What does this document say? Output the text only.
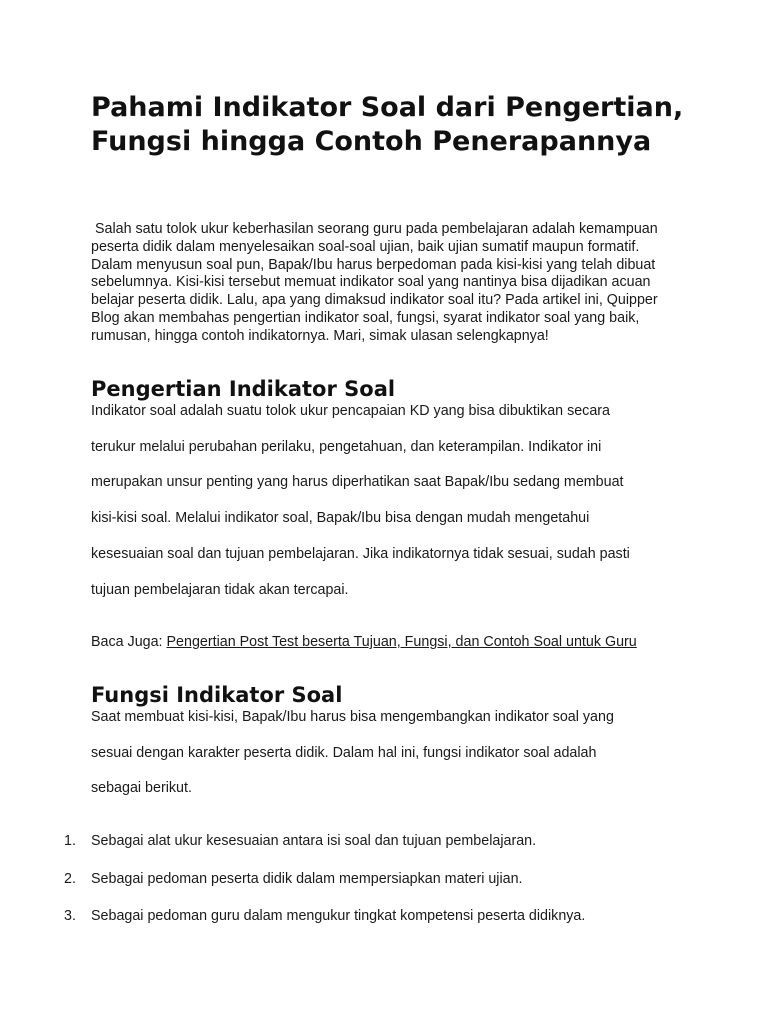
Pahami Indikator Soal dari Pengertian, Fungsi hingga Contoh Penerapannya

Salah satu tolok ukur keberhasilan seorang guru pada pembelajaran adalah kemampuan peserta didik dalam menyelesaikan soal-soal ujian, baik ujian sumatif maupun formatif. Dalam menyusun soal pun, Bapak/Ibu harus berpedoman pada kisi-kisi yang telah dibuat sebelumnya. Kisi-kisi tersebut memuat indikator soal yang nantinya bisa dijadikan acuan belajar peserta didik. Lalu, apa yang dimaksud indikator soal itu? Pada artikel ini, Quipper Blog akan membahas pengertian indikator soal, fungsi, syarat indikator soal yang baik, rumusan, hingga contoh indikatornya. Mari, simak ulasan selengkapnya!

Pengertian Indikator Soal
Indikator soal adalah suatu tolok ukur pencapaian KD yang bisa dibuktikan secara
terukur melalui perubahan perilaku, pengetahuan, dan keterampilan. Indikator ini
merupakan unsur penting yang harus diperhatikan saat Bapak/Ibu sedang membuat
kisi-kisi soal. Melalui indikator soal, Bapak/Ibu bisa dengan mudah mengetahui
kesesuaian soal dan tujuan pembelajaran. Jika indikatornya tidak sesuai, sudah pasti
tujuan pembelajaran tidak akan tercapai.

Baca Juga: Pengertian Post Test beserta Tujuan, Fungsi, dan Contoh Soal untuk Guru

Fungsi Indikator Soal
Saat membuat kisi-kisi, Bapak/Ibu harus bisa mengembangkan indikator soal yang
sesuai dengan karakter peserta didik. Dalam hal ini, fungsi indikator soal adalah
sebagai berikut.
1.	Sebagai alat ukur kesesuaian antara isi soal dan tujuan pembelajaran.
2.	Sebagai pedoman peserta didik dalam mempersiapkan materi ujian.
3.	Sebagai pedoman guru dalam mengukur tingkat kompetensi peserta didiknya.
